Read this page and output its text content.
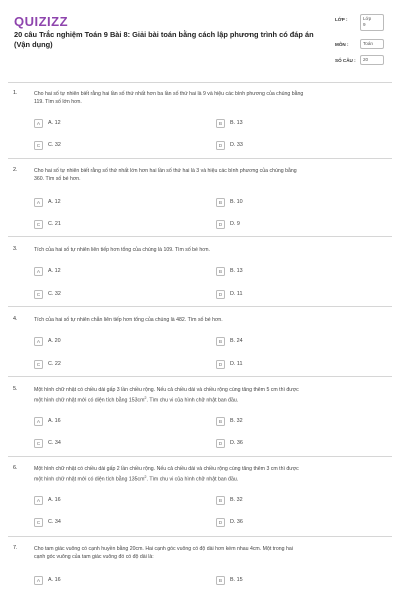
QUIZIZZ
20 câu Trắc nghiệm Toán 9 Bài 8: Giải bài toán bằng cách lập phương trình có đáp án (Vận dụng)
LỚP :	Lớp
9
MÔN :	Toán
SỐ CÂU :	20
1.	Cho hai số tự nhiên biết rằng hai lần số thứ nhất hơn ba lần số thứ hai là 9 và hiệu các bình phương của chúng bằng
119. Tìm số lớn hơn.
A	A. 12	B	B. 13
C	C. 32	D	D. 33
2.	Cho hai số tự nhiên biết rằng số thứ nhất lớn hơn hai lần số thứ hai là 3 và hiệu các bình phương của chúng bằng
360. Tìm số bé hơn.
A	A. 12	B	B. 10
C	C. 21	D	D. 9
3.	Tích của hai số tự nhiên liên tiếp hơn tổng của chúng là 109. Tìm số bé hơn.
A	A. 12	B	B. 13
C	C. 32	D	D. 11
4.	Tích của hai số tự nhiên chẵn liên tiếp hơn tổng của chúng là 482. Tìm số bé hơn.
A	A. 20	B	B. 24
C	C. 22	D	D. 11
5.	Một hình chữ nhật có chiều dài gấp 3 lần chiều rộng. Nếu cả chiều dài và chiều rộng cùng tăng thêm 5 cm thì được
một hình chữ nhật mới có diện tích bằng $153cm^2$. Tìm chu vi của hình chữ nhật ban đầu.
A	A. 16	B	B. 32
C	C. 34	D	D. 36
6.	Một hình chữ nhật có chiều dài gấp 2 lần chiều rộng. Nếu cả chiều dài và chiều rộng cùng tăng thêm 3 cm thì được
một hình chữ nhật mới có diện tích bằng $135cm^2$. Tìm chu vi của hình chữ nhật ban đầu.
A	A. 16	B	B. 32
C	C. 34	D	D. 36
7.	Cho tam giác vuông có cạnh huyền bằng 20cm. Hai cạnh góc vuông có độ dài hơn kém nhau 4cm. Một trong hai
cạnh góc vuông của tam giác vuông đó có độ dài là:
A	A. 16	B	B. 15
